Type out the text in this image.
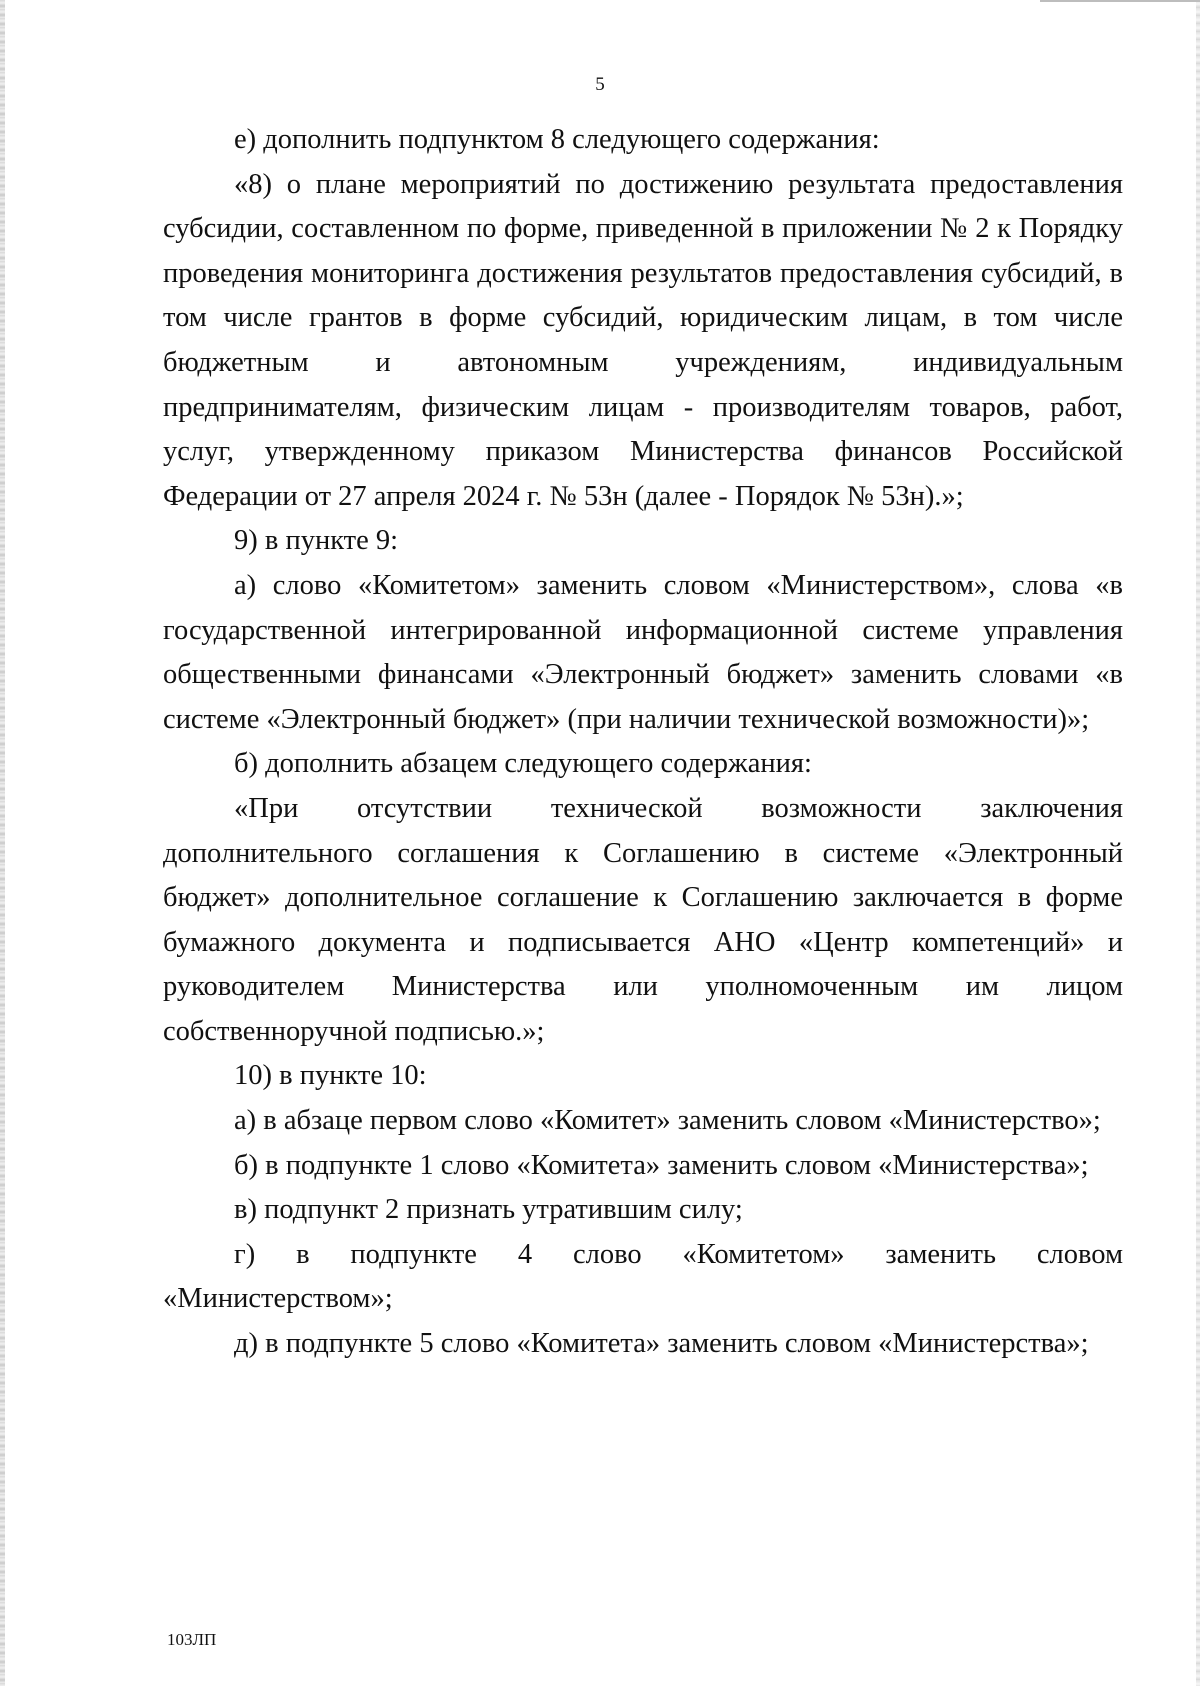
5

е) дополнить подпунктом 8 следующего содержания:

«8) о плане мероприятий по достижению результата предоставления субсидии, составленном по форме, приведенной в приложении № 2 к Порядку проведения мониторинга достижения результатов предоставления субсидий, в том числе грантов в форме субсидий, юридическим лицам, в том числе бюджетным и автономным учреждениям, индивидуальным предпринимателям, физическим лицам - производителям товаров, работ, услуг, утвержденному приказом Министерства финансов Российской Федерации от 27 апреля 2024 г. № 53н (далее - Порядок № 53н).»;

9) в пункте 9:

а) слово «Комитетом» заменить словом «Министерством», слова «в государственной интегрированной информационной системе управления общественными финансами «Электронный бюджет» заменить словами «в системе «Электронный бюджет» (при наличии технической возможности)»;

б) дополнить абзацем следующего содержания:

«При отсутствии технической возможности заключения дополнительного соглашения к Соглашению в системе «Электронный бюджет» дополнительное соглашение к Соглашению заключается в форме бумажного документа и подписывается АНО «Центр компетенций» и руководителем Министерства или уполномоченным им лицом собственноручной подписью.»;

10) в пункте 10:

а) в абзаце первом слово «Комитет» заменить словом «Министерство»;

б) в подпункте 1 слово «Комитета» заменить словом «Министерства»;

в) подпункт 2 признать утратившим силу;

г) в подпункте 4 слово «Комитетом» заменить словом «Министерством»;

д) в подпункте 5 слово «Комитета» заменить словом «Министерства»;

103ЛП
